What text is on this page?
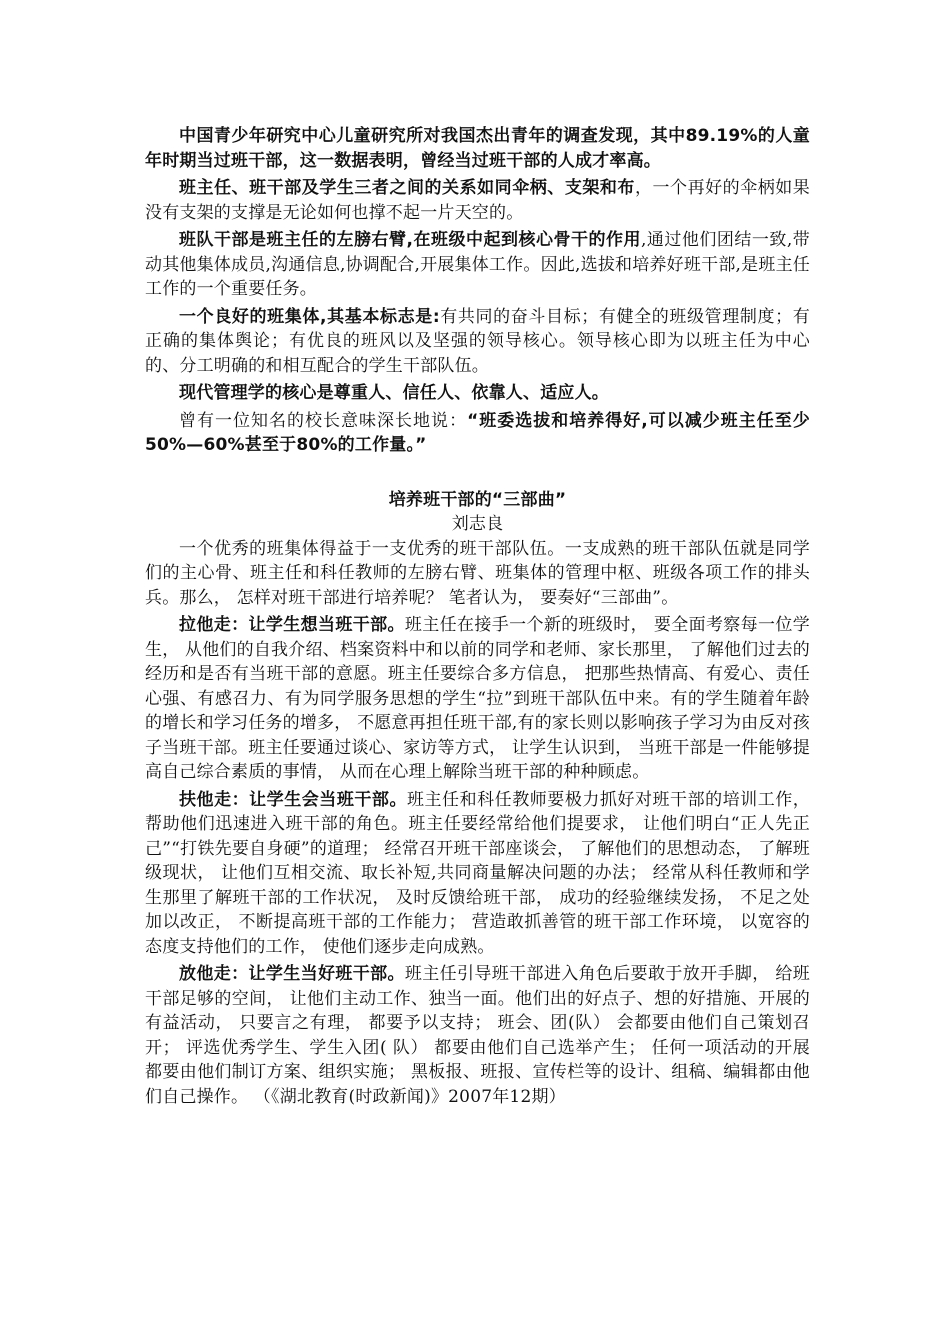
中国青少年研究中心儿童研究所对我国杰出青年的调查发现，其中89.19%的人童年时期当过班干部，这一数据表明，曾经当过班干部的人成才率高。

班主任、班干部及学生三者之间的关系如同伞柄、支架和布，一个再好的伞柄如果没有支架的支撑是无论如何也撑不起一片天空的。

班队干部是班主任的左膀右臂,在班级中起到核心骨干的作用,通过他们团结一致,带动其他集体成员,沟通信息,协调配合,开展集体工作。因此,选拔和培养好班干部,是班主任工作的一个重要任务。

一个良好的班集体,其基本标志是:有共同的奋斗目标；有健全的班级管理制度；有正确的集体舆论；有优良的班风以及坚强的领导核心。领导核心即为以班主任为中心的、分工明确的和相互配合的学生干部队伍。

现代管理学的核心是尊重人、信任人、依靠人、适应人。

曾有一位知名的校长意味深长地说：“班委选拔和培养得好,可以减少班主任至少50%—60%甚至于80%的工作量。”

培养班干部的“三部曲”

刘志良

一个优秀的班集体得益于一支优秀的班干部队伍。一支成熟的班干部队伍就是同学们的主心骨、班主任和科任教师的左膀右臂、班集体的管理中枢、班级各项工作的排头兵。那么， 怎样对班干部进行培养呢？ 笔者认为， 要奏好“三部曲”。

拉他走：让学生想当班干部。班主任在接手一个新的班级时， 要全面考察每一位学生， 从他们的自我介绍、档案资料中和以前的同学和老师、家长那里， 了解他们过去的经历和是否有当班干部的意愿。班主任要综合多方信息， 把那些热情高、有爱心、责任心强、有感召力、有为同学服务思想的学生“拉”到班干部队伍中来。有的学生随着年龄的增长和学习任务的增多， 不愿意再担任班干部,有的家长则以影响孩子学习为由反对孩子当班干部。班主任要通过谈心、家访等方式， 让学生认识到， 当班干部是一件能够提高自己综合素质的事情， 从而在心理上解除当班干部的种种顾虑。

扶他走：让学生会当班干部。班主任和科任教师要极力抓好对班干部的培训工作， 帮助他们迅速进入班干部的角色。班主任要经常给他们提要求， 让他们明白“正人先正己”“打铁先要自身硬”的道理； 经常召开班干部座谈会， 了解他们的思想动态， 了解班级现状， 让他们互相交流、取长补短,共同商量解决问题的办法； 经常从科任教师和学生那里了解班干部的工作状况， 及时反馈给班干部， 成功的经验继续发扬， 不足之处加以改正， 不断提高班干部的工作能力； 营造敢抓善管的班干部工作环境， 以宽容的态度支持他们的工作， 使他们逐步走向成熟。

放他走：让学生当好班干部。班主任引导班干部进入角色后要敢于放开手脚， 给班干部足够的空间， 让他们主动工作、独当一面。他们出的好点子、想的好措施、开展的有益活动， 只要言之有理， 都要予以支持； 班会、团(队） 会都要由他们自己策划召开； 评选优秀学生、学生入团( 队） 都要由他们自己选举产生； 任何一项活动的开展都要由他们制订方案、组织实施； 黑板报、班报、宣传栏等的设计、组稿、编辑都由他们自己操作。 （《湖北教育(时政新闻)》2007年12期）
